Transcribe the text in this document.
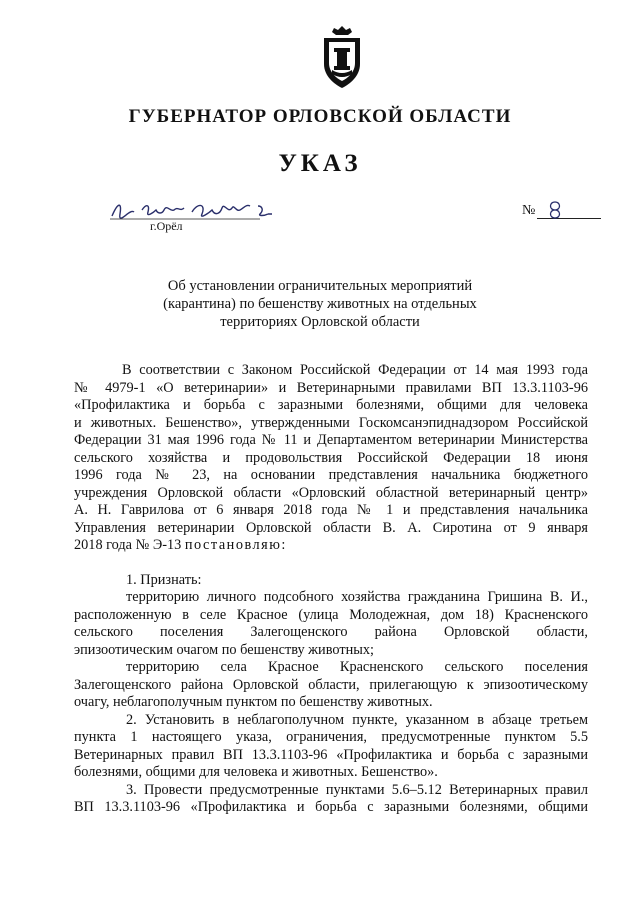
ГУБЕРНАТОР ОРЛОВСКОЙ ОБЛАСТИ
УКАЗ
г.Орёл
№
Об установлении ограничительных мероприятий
(карантина) по бешенству животных на отдельных
территориях Орловской области
В соответствии с Законом Российской Федерации от 14 мая 1993 года
№ 4979-1 «О ветеринарии» и Ветеринарными правилами ВП 13.3.1103-96
«Профилактика и борьба с заразными болезнями, общими для человека
и животных. Бешенство», утвержденными Госкомсанэпиднадзором Российской
Федерации 31 мая 1996 года № 11 и Департаментом ветеринарии Министерства
сельского хозяйства и продовольствия Российской Федерации 18 июня
1996 года № 23, на основании представления начальника бюджетного
учреждения Орловской области «Орловский областной ветеринарный центр»
А. Н. Гаврилова от 6 января 2018 года № 1 и представления начальника
Управления ветеринарии Орловской области В. А. Сиротина от 9 января
2018 года № Э-13 постановляю:
1. Признать:
территорию личного подсобного хозяйства гражданина Гришина В. И.,
расположенную в селе Красное (улица Молодежная, дом 18) Красненского
сельского поселения Залегощенского района Орловской области,
эпизоотическим очагом по бешенству животных;
территорию села Красное Красненского сельского поселения
Залегощенского района Орловской области, прилегающую к эпизоотическому
очагу, неблагополучным пунктом по бешенству животных.
2. Установить в неблагополучном пункте, указанном в абзаце третьем
пункта 1 настоящего указа, ограничения, предусмотренные пунктом 5.5
Ветеринарных правил ВП 13.3.1103-96 «Профилактика и борьба с заразными
болезнями, общими для человека и животных. Бешенство».
3. Провести предусмотренные пунктами 5.6–5.12 Ветеринарных правил
ВП 13.3.1103-96 «Профилактика и борьба с заразными болезнями, общими
